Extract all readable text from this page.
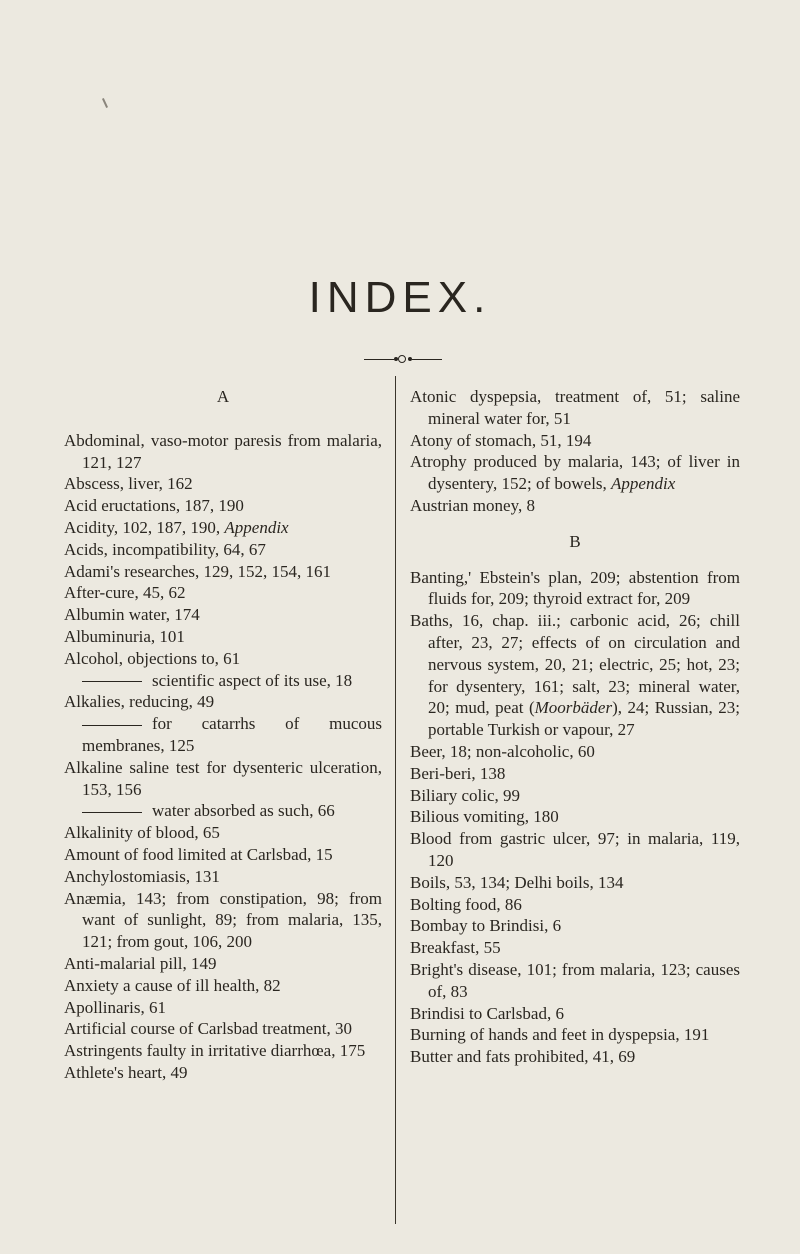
INDEX.
A

Abdominal, vaso-motor paresis from malaria, 121, 127

Abscess, liver, 162

Acid eructations, 187, 190

Acidity, 102, 187, 190, Appendix

Acids, incompatibility, 64, 67

Adami's researches, 129, 152, 154, 161

After-cure, 45, 62

Albumin water, 174

Albuminuria, 101

Alcohol, objections to, 61

scientific aspect of its use, 18

Alkalies, reducing, 49

for catarrhs of mucous membranes, 125

Alkaline saline test for dysenteric ulceration, 153, 156

water absorbed as such, 66

Alkalinity of blood, 65

Amount of food limited at Carlsbad, 15

Anchylostomiasis, 131

Anæmia, 143; from constipation, 98; from want of sunlight, 89; from malaria, 135, 121; from gout, 106, 200

Anti-malarial pill, 149

Anxiety a cause of ill health, 82

Apollinaris, 61

Artificial course of Carlsbad treatment, 30

Astringents faulty in irritative diarrhœa, 175

Athlete's heart, 49

Atonic dyspepsia, treatment of, 51; saline mineral water for, 51

Atony of stomach, 51, 194

Atrophy produced by malaria, 143; of liver in dysentery, 152; of bowels, Appendix

Austrian money, 8

B

Banting,' Ebstein's plan, 209; abstention from fluids for, 209; thyroid extract for, 209

Baths, 16, chap. iii.; carbonic acid, 26; chill after, 23, 27; effects of on circulation and nervous system, 20, 21; electric, 25; hot, 23; for dysentery, 161; salt, 23; mineral water, 20; mud, peat (Moorbäder), 24; Russian, 23; portable Turkish or vapour, 27

Beer, 18; non-alcoholic, 60

Beri-beri, 138

Biliary colic, 99

Bilious vomiting, 180

Blood from gastric ulcer, 97; in malaria, 119, 120

Boils, 53, 134; Delhi boils, 134

Bolting food, 86

Bombay to Brindisi, 6

Breakfast, 55

Bright's disease, 101; from malaria, 123; causes of, 83

Brindisi to Carlsbad, 6

Burning of hands and feet in dyspepsia, 191

Butter and fats prohibited, 41, 69
